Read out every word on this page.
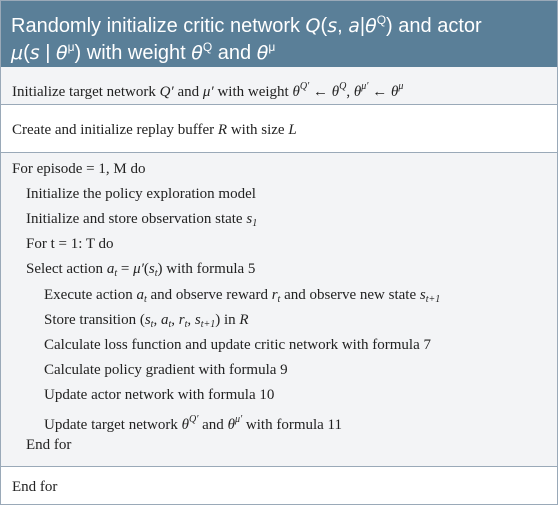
Randomly initialize critic network Q(s, $a|\theta^Q$) and actor
μ(s | $\theta^\mu$) with weight $\theta^Q$ and $\theta^\mu$
Initialize target network Q′ and μ′ with weight $\theta^{Q'}$ ← $\theta^Q$, $\theta^{\mu'}$ ← $\theta^\mu$
Create and initialize replay buffer R with size L
For episode = 1, M do
Initialize the policy exploration model
Initialize and store observation state $s_1$
For t = 1: T do
Select action $a_t = \mu'(s_t)$ with formula 5
Execute action $a_t$ and observe reward $r_t$ and observe new state $s_{t+1}$
Store transition ($s_t$, $a_t$, $r_t$, $s_{t+1}$) in R
Calculate loss function and update critic network with formula 7
Calculate policy gradient with formula 9
Update actor network with formula 10
Update target network $\theta^{Q'}$ and $\theta^{\mu'}$ with formula 11
End for
End for
